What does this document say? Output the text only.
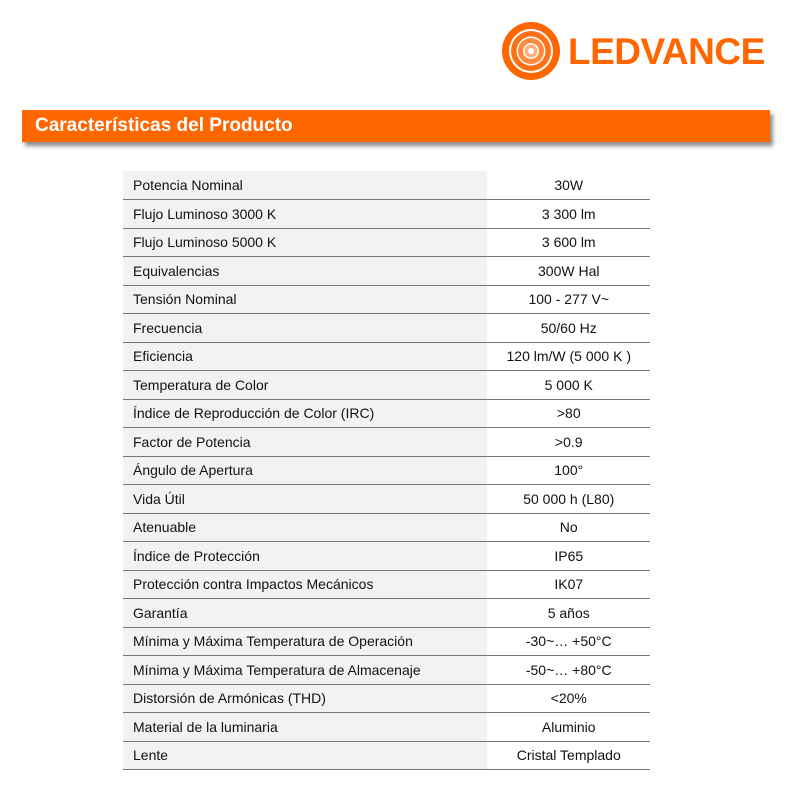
LEDVANCE
Características del Producto
Potencia Nominal	30W
Flujo Luminoso 3000 K	3 300 lm
Flujo Luminoso 5000 K	3 600 lm
Equivalencias	300W Hal
Tensión Nominal	100 - 277 V~
Frecuencia	50/60 Hz
Eficiencia	120 lm/W (5 000 K )
Temperatura de Color	5 000 K
Índice de Reproducción de Color (IRC)	>80
Factor de Potencia	>0.9
Ángulo de Apertura	100°
Vida Útil	50 000 h (L80)
Atenuable	No
Índice de Protección	IP65
Protección contra Impactos Mecánicos	IK07
Garantía	5 años
Mínima y Máxima Temperatura de Operación	-30~… +50°C
Mínima y Máxima Temperatura de Almacenaje	-50~… +80°C
Distorsión de Armónicas (THD)	<20%
Material de la luminaria	Aluminio
Lente	Cristal Templado
